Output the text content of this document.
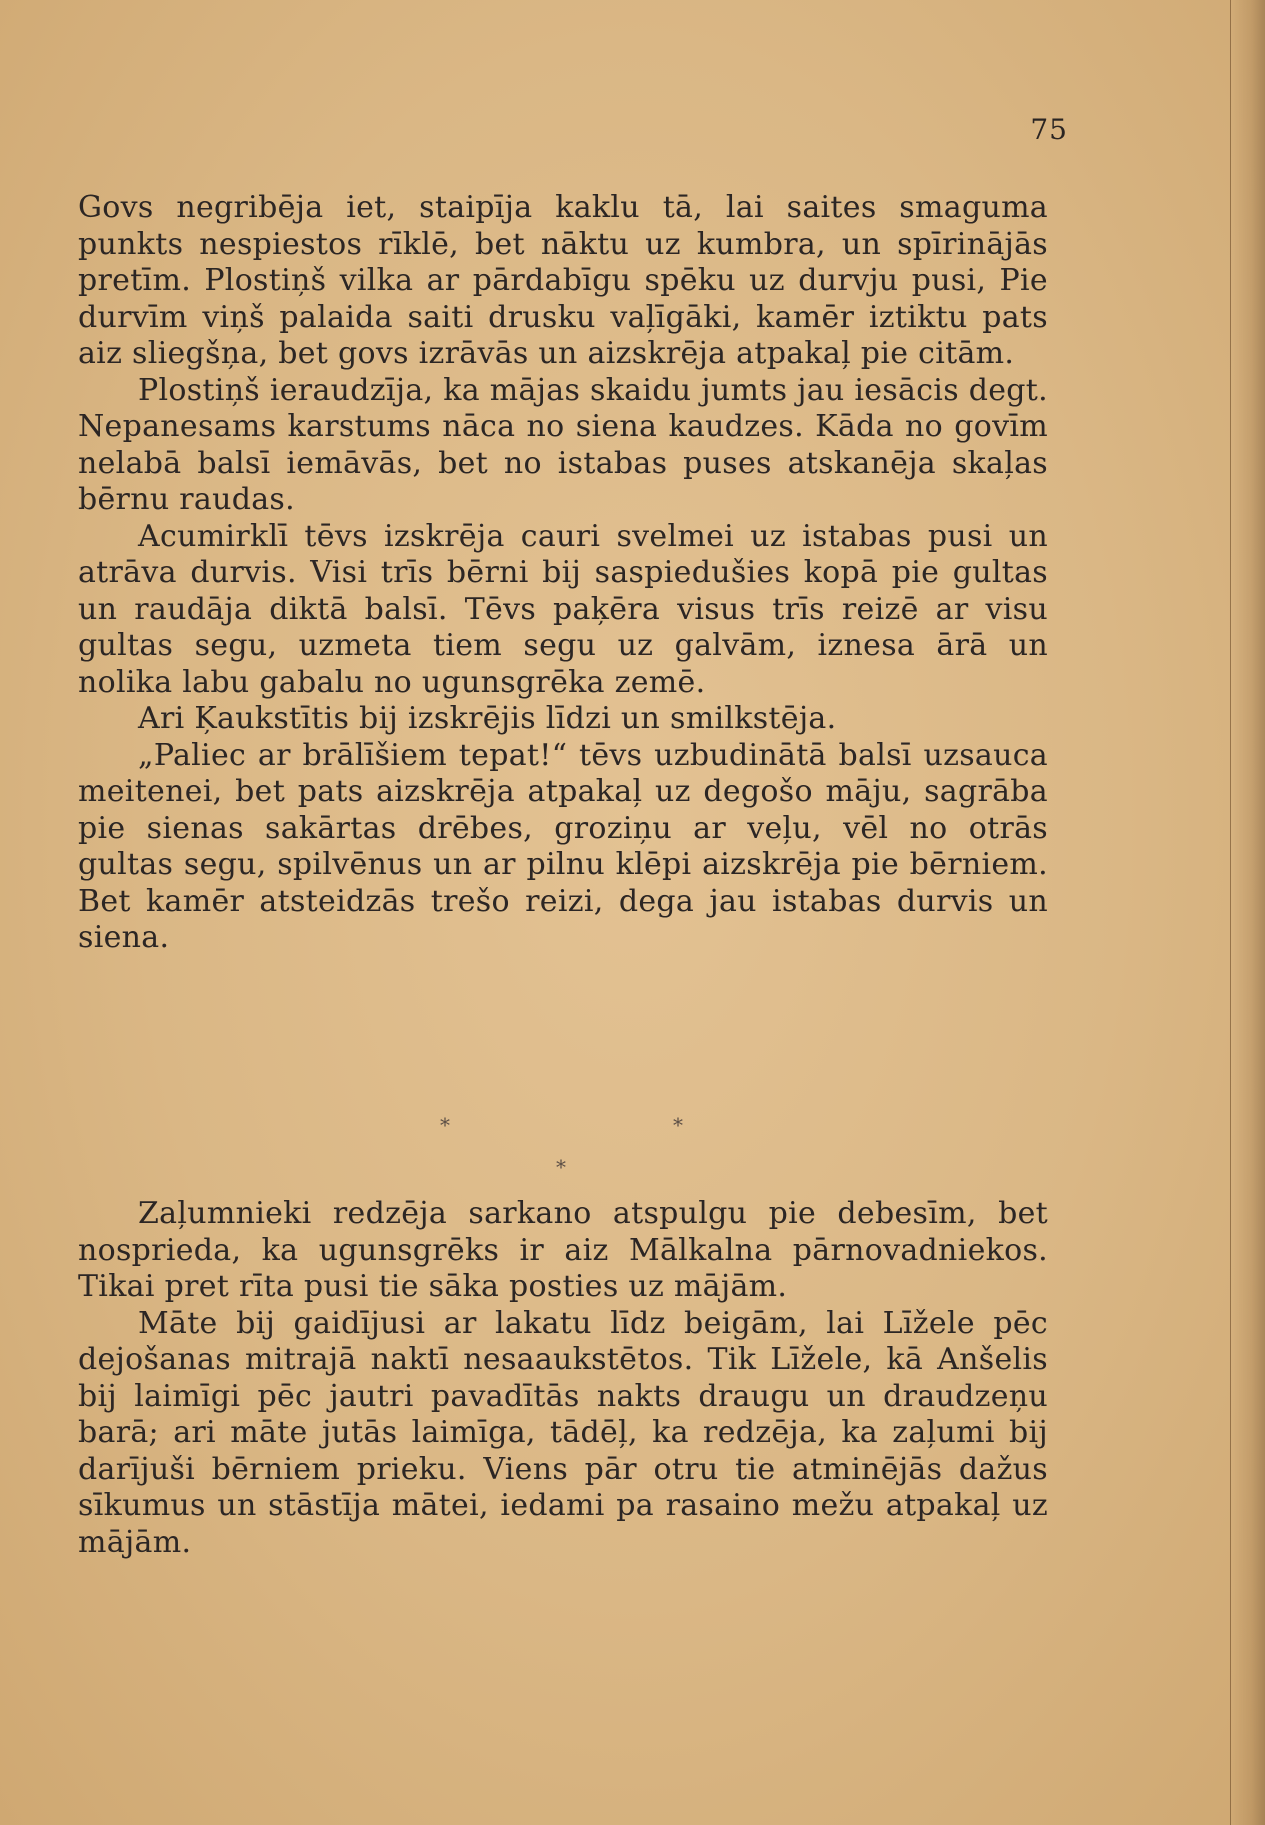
75

Govs negribēja iet, staipīja kaklu tā, lai saites smaguma punkts nespiestos rīklē, bet nāktu uz kumbra, un spīrinājās pretīm. Plostiņš vilka ar pārdabīgu spēku uz durvju pusi, Pie durvīm viņš palaida saiti drusku vaļīgāki, kamēr iztiktu pats aiz sliegšņa, bet govs izrāvās un aizskrēja atpakaļ pie citām.

Plostiņš ieraudzīja, ka mājas skaidu jumts jau iesācis degt. Nepanesams karstums nāca no siena kaudzes. Kāda no govīm nelabā balsī iemāvās, bet no istabas puses atskanēja skaļas bērnu raudas.

Acumirklī tēvs izskrēja cauri svelmei uz istabas pusi un atrāva durvis. Visi trīs bērni bij saspiedušies kopā pie gultas un raudāja diktā balsī. Tēvs paķēra visus trīs reizē ar visu gultas segu, uzmeta tiem segu uz galvām, iznesa ārā un nolika labu gabalu no ugunsgrēka zemē.

Ari Ķaukstītis bij izskrējis līdzi un smilkstēja.

„Paliec ar brālīšiem tepat!“ tēvs uzbudinātā balsī uzsauca meitenei, bet pats aizskrēja atpakaļ uz degošo māju, sagrāba pie sienas sakārtas drēbes, groziņu ar veļu, vēl no otrās gultas segu, spilvēnus un ar pilnu klēpi aizskrēja pie bērniem. Bet kamēr atsteidzās trešo reizi, dega jau istabas durvis un siena.

*	*
*

Zaļumnieki redzēja sarkano atspulgu pie debesīm, bet nosprieda, ka ugunsgrēks ir aiz Mālkalna pārnovadniekos. Tikai pret rīta pusi tie sāka posties uz mājām.

Māte bij gaidījusi ar lakatu līdz beigām, lai Līžele pēc dejošanas mitrajā naktī nesaaukstētos. Tik Līžele, kā Anšelis bij laimīgi pēc jautri pavadītās nakts draugu un draudzeņu barā; ari māte jutās laimīga, tādēļ, ka redzēja, ka zaļumi bij darījuši bērniem prieku. Viens pār otru tie atminējās dažus sīkumus un stāstīja mātei, iedami pa rasaino mežu atpakaļ uz mājām.
